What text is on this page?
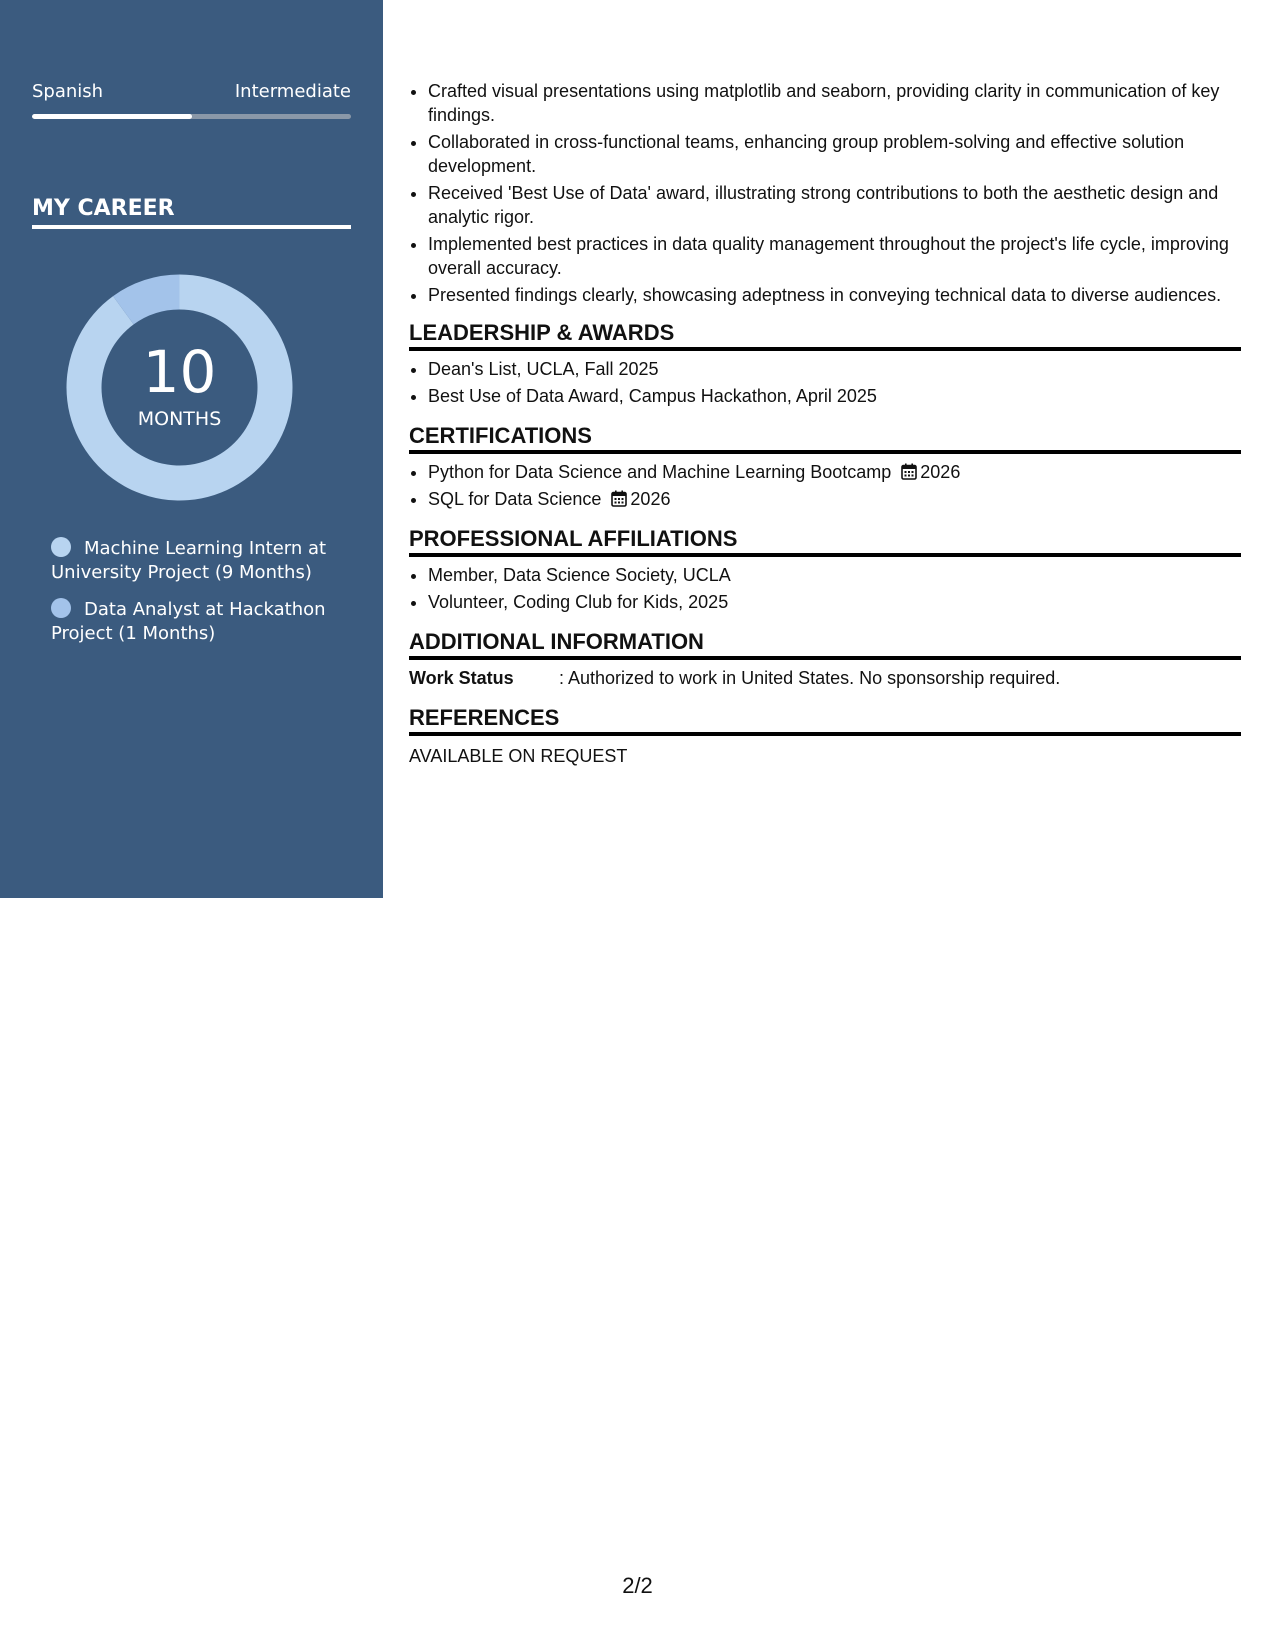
Spanish	Intermediate
MY CAREER
10
MONTHS
Machine Learning Intern at University Project (9 Months)
Data Analyst at Hackathon Project (1 Months)
• Crafted visual presentations using matplotlib and seaborn, providing clarity in communication of key findings.
• Collaborated in cross-functional teams, enhancing group problem-solving and effective solution development.
• Received 'Best Use of Data' award, illustrating strong contributions to both the aesthetic design and analytic rigor.
• Implemented best practices in data quality management throughout the project's life cycle, improving overall accuracy.
• Presented findings clearly, showcasing adeptness in conveying technical data to diverse audiences.
LEADERSHIP & AWARDS
• Dean's List, UCLA, Fall 2025
• Best Use of Data Award, Campus Hackathon, April 2025
CERTIFICATIONS
• Python for Data Science and Machine Learning Bootcamp 2026
• SQL for Data Science 2026
PROFESSIONAL AFFILIATIONS
• Member, Data Science Society, UCLA
• Volunteer, Coding Club for Kids, 2025
ADDITIONAL INFORMATION
Work Status	: Authorized to work in United States. No sponsorship required.
REFERENCES
AVAILABLE ON REQUEST
2/2
